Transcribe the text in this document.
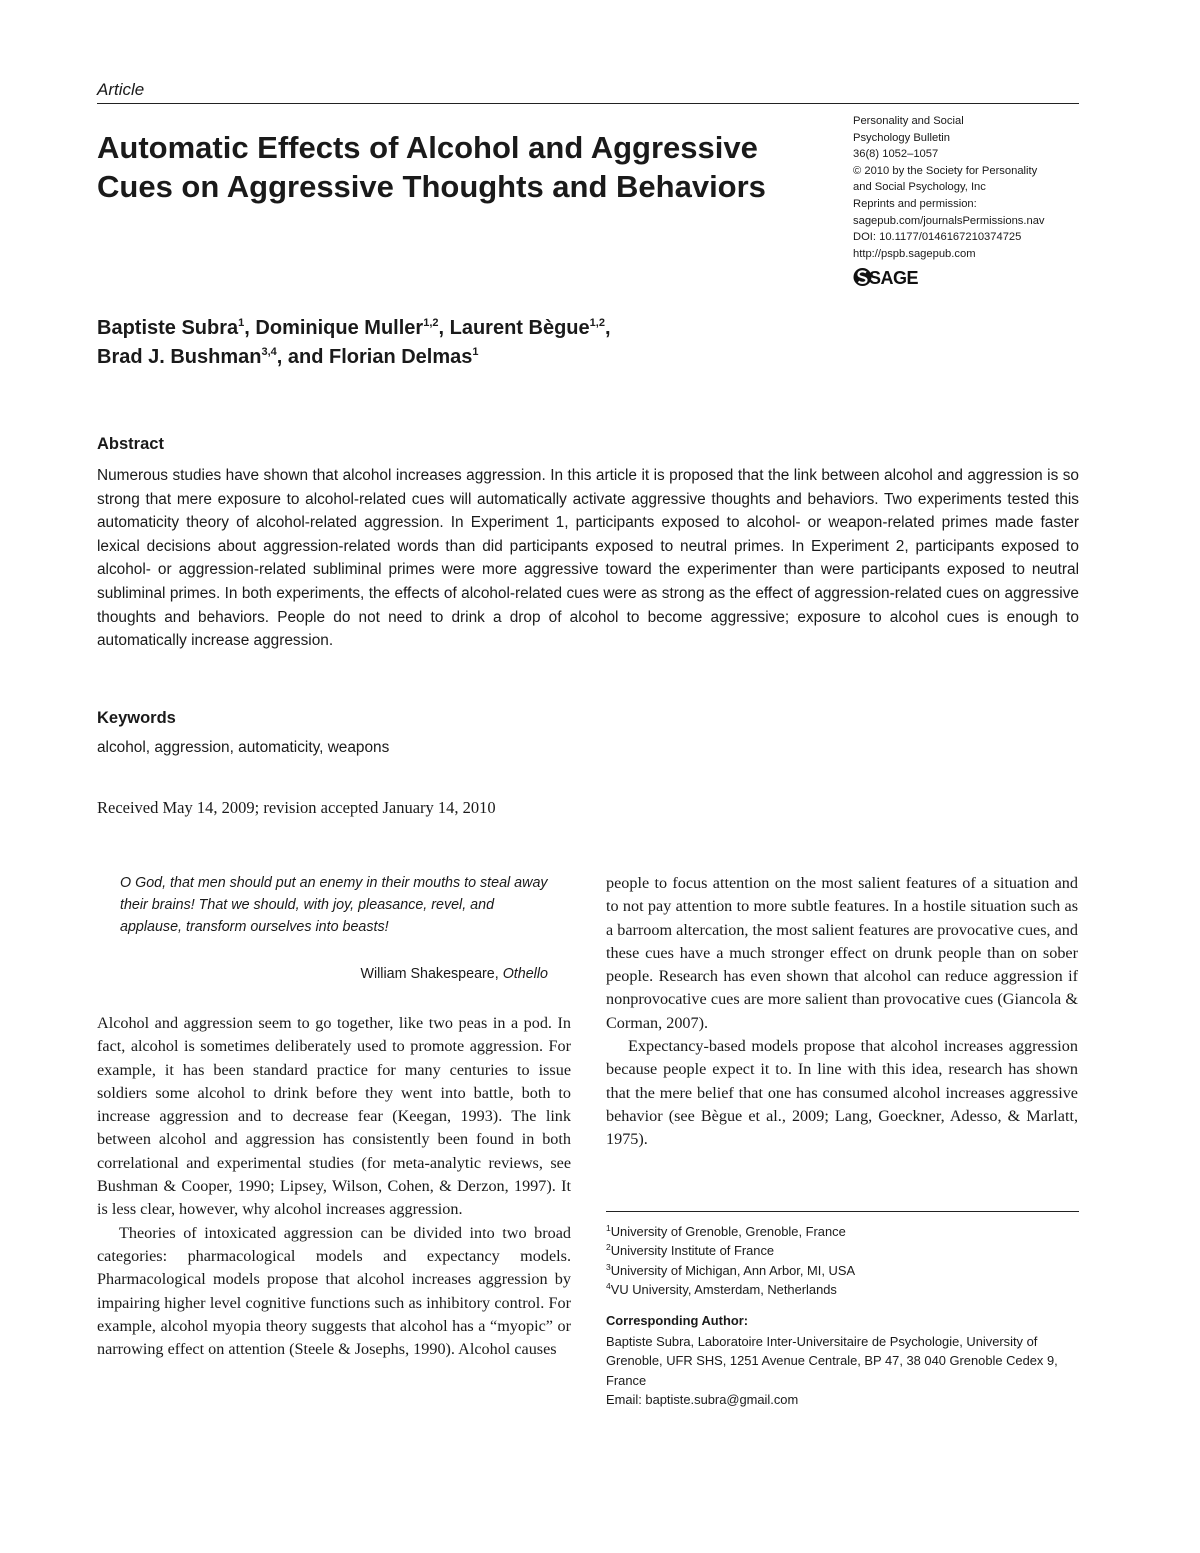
Article
Automatic Effects of Alcohol and Aggressive Cues on Aggressive Thoughts and Behaviors
Personality and Social
Psychology Bulletin
36(8) 1052–1057
© 2010 by the Society for Personality
and Social Psychology, Inc
Reprints and permission:
sagepub.com/journalsPermissions.nav
DOI: 10.1177/0146167210374725
http://pspb.sagepub.com
SAGE
Baptiste Subra$^1$, Dominique Muller$^{1,2}$, Laurent Bègue$^{1,2}$,
Brad J. Bushman$^{3,4}$, and Florian Delmas$^1$
Abstract

Numerous studies have shown that alcohol increases aggression. In this article it is proposed that the link between alcohol and aggression is so strong that mere exposure to alcohol-related cues will automatically activate aggressive thoughts and behaviors. Two experiments tested this automaticity theory of alcohol-related aggression. In Experiment 1, participants exposed to alcohol- or weapon-related primes made faster lexical decisions about aggression-related words than did participants exposed to neutral primes. In Experiment 2, participants exposed to alcohol- or aggression-related subliminal primes were more aggressive toward the experimenter than were participants exposed to neutral subliminal primes. In both experiments, the effects of alcohol-related cues were as strong as the effect of aggression-related cues on aggressive thoughts and behaviors. People do not need to drink a drop of alcohol to become aggressive; exposure to alcohol cues is enough to automatically increase aggression.

Keywords
alcohol, aggression, automaticity, weapons
Received May 14, 2009; revision accepted January 14, 2010
O God, that men should put an enemy in their mouths to steal away their brains! That we should, with joy, pleasance, revel, and applause, transform ourselves into beasts!
William Shakespeare, Othello

Alcohol and aggression seem to go together, like two peas in a pod. In fact, alcohol is sometimes deliberately used to promote aggression. For example, it has been standard practice for many centuries to issue soldiers some alcohol to drink before they went into battle, both to increase aggression and to decrease fear (Keegan, 1993). The link between alcohol and aggression has consistently been found in both correlational and experimental studies (for meta-analytic reviews, see Bushman & Cooper, 1990; Lipsey, Wilson, Cohen, & Derzon, 1997). It is less clear, however, why alcohol increases aggression.

Theories of intoxicated aggression can be divided into two broad categories: pharmacological models and expectancy models. Pharmacological models propose that alcohol increases aggression by impairing higher level cognitive functions such as inhibitory control. For example, alcohol myopia theory suggests that alcohol has a “myopic” or narrowing effect on attention (Steele & Josephs, 1990). Alcohol causes

people to focus attention on the most salient features of a situation and to not pay attention to more subtle features. In a hostile situation such as a barroom altercation, the most salient features are provocative cues, and these cues have a much stronger effect on drunk people than on sober people. Research has even shown that alcohol can reduce aggression if nonprovocative cues are more salient than provocative cues (Giancola & Corman, 2007).

Expectancy-based models propose that alcohol increases aggression because people expect it to. In line with this idea, research has shown that the mere belief that one has consumed alcohol increases aggressive behavior (see Bègue et al., 2009; Lang, Goeckner, Adesso, & Marlatt, 1975).

$^1$University of Grenoble, Grenoble, France
$^2$University Institute of France
$^3$University of Michigan, Ann Arbor, MI, USA
$^4$VU University, Amsterdam, Netherlands
Corresponding Author:
Baptiste Subra, Laboratoire Inter-Universitaire de Psychologie, University of Grenoble, UFR SHS, 1251 Avenue Centrale, BP 47, 38 040 Grenoble Cedex 9, France
Email: baptiste.subra@gmail.com
